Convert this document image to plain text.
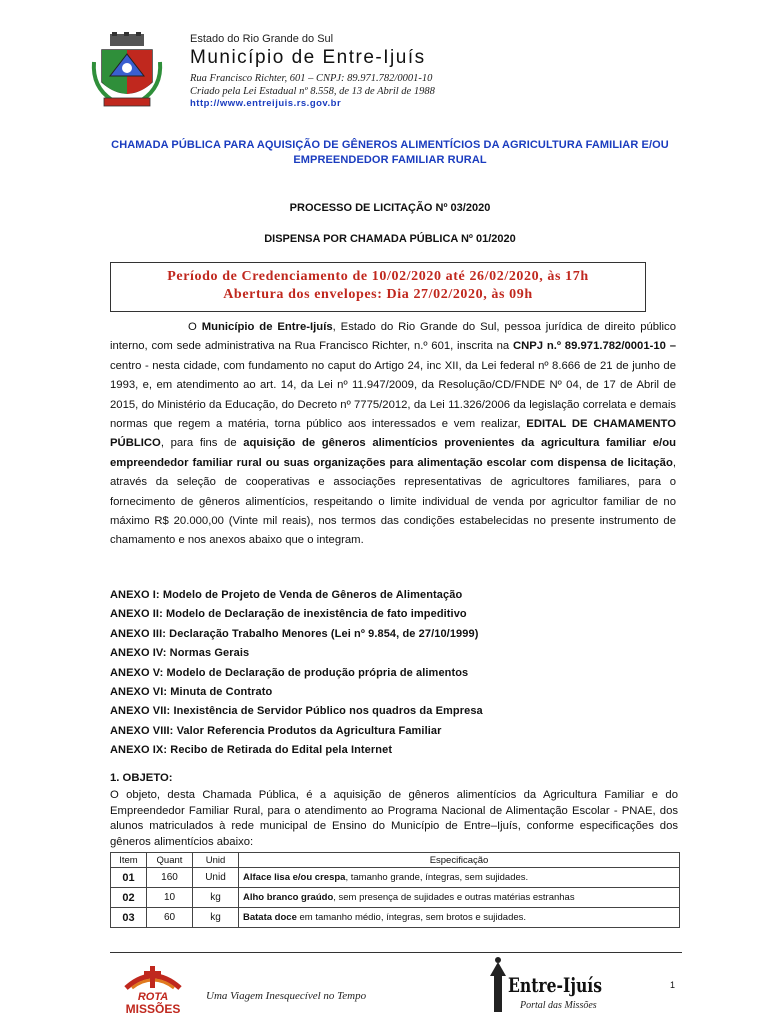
Estado do Rio Grande do Sul
Município de Entre-Ijuís
Rua Francisco Richter, 601 – CNPJ: 89.971.782/0001-10
Criado pela Lei Estadual nº 8.558, de 13 de Abril de 1988
http://www.entreijuis.rs.gov.br
CHAMADA PÚBLICA PARA AQUISIÇÃO DE GÊNEROS ALIMENTÍCIOS DA AGRICULTURA FAMILIAR E/OU EMPREENDEDOR FAMILIAR RURAL
PROCESSO DE LICITAÇÃO Nº 03/2020
DISPENSA POR CHAMADA PÚBLICA Nº 01/2020
Período de Credenciamento de 10/02/2020 até 26/02/2020, às 17h
Abertura dos envelopes: Dia 27/02/2020, às 09h
O Município de Entre-Ijuís, Estado do Rio Grande do Sul, pessoa jurídica de direito público interno, com sede administrativa na Rua Francisco Richter, n.º 601, inscrita na CNPJ n.º 89.971.782/0001-10 – centro - nesta cidade, com fundamento no caput do Artigo 24, inc XII, da Lei federal nº 8.666 de 21 de junho de 1993, e, em atendimento ao art. 14, da Lei nº 11.947/2009, da Resolução/CD/FNDE Nº 04, de 17 de Abril de 2015, do Ministério da Educação, do Decreto nº 7775/2012, da Lei 11.326/2006 da legislação correlata e demais normas que regem a matéria, torna público aos interessados e vem realizar, EDITAL DE CHAMAMENTO PÚBLICO, para fins de aquisição de gêneros alimentícios provenientes da agricultura familiar e/ou empreendedor familiar rural ou suas organizações para alimentação escolar com dispensa de licitação, através da seleção de cooperativas e associações representativas de agricultores familiares, para o fornecimento de gêneros alimentícios, respeitando o limite individual de venda por agricultor familiar de no máximo R$ 20.000,00 (Vinte mil reais), nos termos das condições estabelecidas no presente instrumento de chamamento e nos anexos abaixo que o integram.
ANEXO I: Modelo de Projeto de Venda de Gêneros de Alimentação
ANEXO II: Modelo de Declaração de inexistência de fato impeditivo
ANEXO III: Declaração Trabalho Menores (Lei nº 9.854, de 27/10/1999)
ANEXO IV: Normas Gerais
ANEXO V: Modelo de Declaração de produção própria de alimentos
ANEXO VI: Minuta de Contrato
ANEXO VII: Inexistência de Servidor Público nos quadros da Empresa
ANEXO VIII: Valor Referencia Produtos da Agricultura Familiar
ANEXO IX: Recibo de Retirada do Edital pela Internet
1. OBJETO:
O objeto, desta Chamada Pública, é a aquisição de gêneros alimentícios da Agricultura Familiar e do Empreendedor Familiar Rural, para o atendimento ao Programa Nacional de Alimentação Escolar - PNAE, dos alunos matriculados à rede municipal de Ensino do Município de Entre–Ijuís, conforme especificações dos gêneros alimentícios abaixo:
Item	Quant	Unid	Especificação
01	160	Unid	Alface lisa e/ou crespa, tamanho grande, íntegras, sem sujidades.
02	10	kg	Alho branco graúdo, sem presença de sujidades e outras matérias estranhas
03	60	kg	Batata doce em tamanho médio, íntegras, sem brotos e sujidades.
ROTA
MISSÕES
Uma Viagem Inesquecível no Tempo	Entre-Ijuís
Portal das Missões
1
